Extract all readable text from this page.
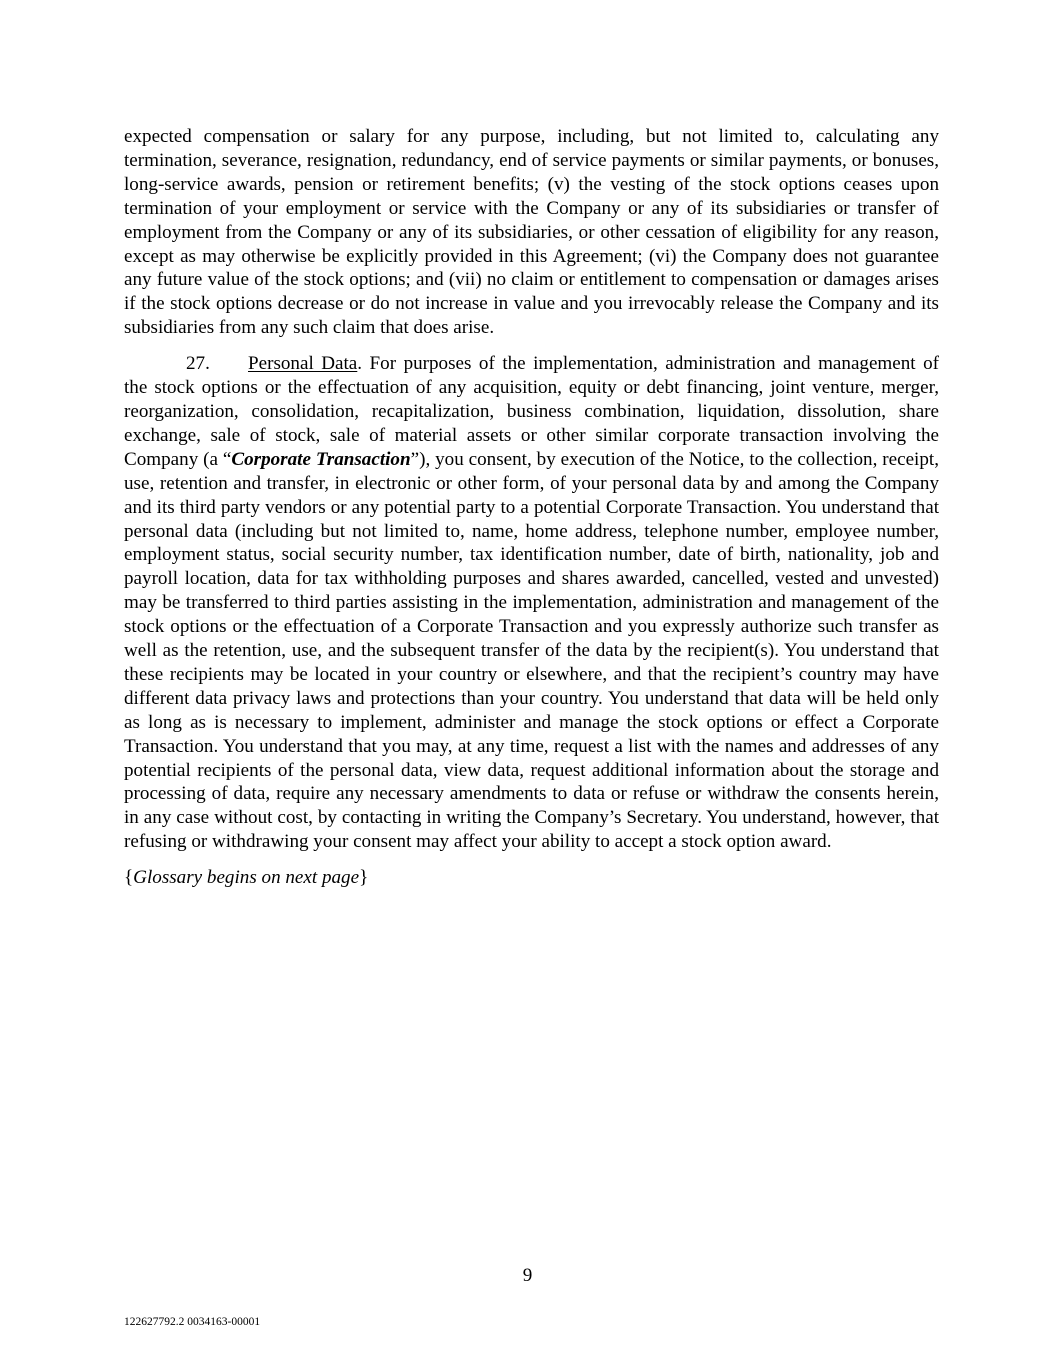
expected compensation or salary for any purpose, including, but not limited to, calculating any termination, severance, resignation, redundancy, end of service payments or similar payments, or bonuses, long-service awards, pension or retirement benefits; (v) the vesting of the stock options ceases upon termination of your employment or service with the Company or any of its subsidiaries or transfer of employment from the Company or any of its subsidiaries, or other cessation of eligibility for any reason, except as may otherwise be explicitly provided in this Agreement; (vi) the Company does not guarantee any future value of the stock options; and (vii) no claim or entitlement to compensation or damages arises if the stock options decrease or do not increase in value and you irrevocably release the Company and its subsidiaries from any such claim that does arise.

27. Personal Data. For purposes of the implementation, administration and management of the stock options or the effectuation of any acquisition, equity or debt financing, joint venture, merger, reorganization, consolidation, recapitalization, business combination, liquidation, dissolution, share exchange, sale of stock, sale of material assets or other similar corporate transaction involving the Company (a “Corporate Transaction”), you consent, by execution of the Notice, to the collection, receipt, use, retention and transfer, in electronic or other form, of your personal data by and among the Company and its third party vendors or any potential party to a potential Corporate Transaction. You understand that personal data (including but not limited to, name, home address, telephone number, employee number, employment status, social security number, tax identification number, date of birth, nationality, job and payroll location, data for tax withholding purposes and shares awarded, cancelled, vested and unvested) may be transferred to third parties assisting in the implementation, administration and management of the stock options or the effectuation of a Corporate Transaction and you expressly authorize such transfer as well as the retention, use, and the subsequent transfer of the data by the recipient(s). You understand that these recipients may be located in your country or elsewhere, and that the recipient’s country may have different data privacy laws and protections than your country. You understand that data will be held only as long as is necessary to implement, administer and manage the stock options or effect a Corporate Transaction. You understand that you may, at any time, request a list with the names and addresses of any potential recipients of the personal data, view data, request additional information about the storage and processing of data, require any necessary amendments to data or refuse or withdraw the consents herein, in any case without cost, by contacting in writing the Company’s Secretary. You understand, however, that refusing or withdrawing your consent may affect your ability to accept a stock option award.

{Glossary begins on next page}

9
122627792.2 0034163-00001
